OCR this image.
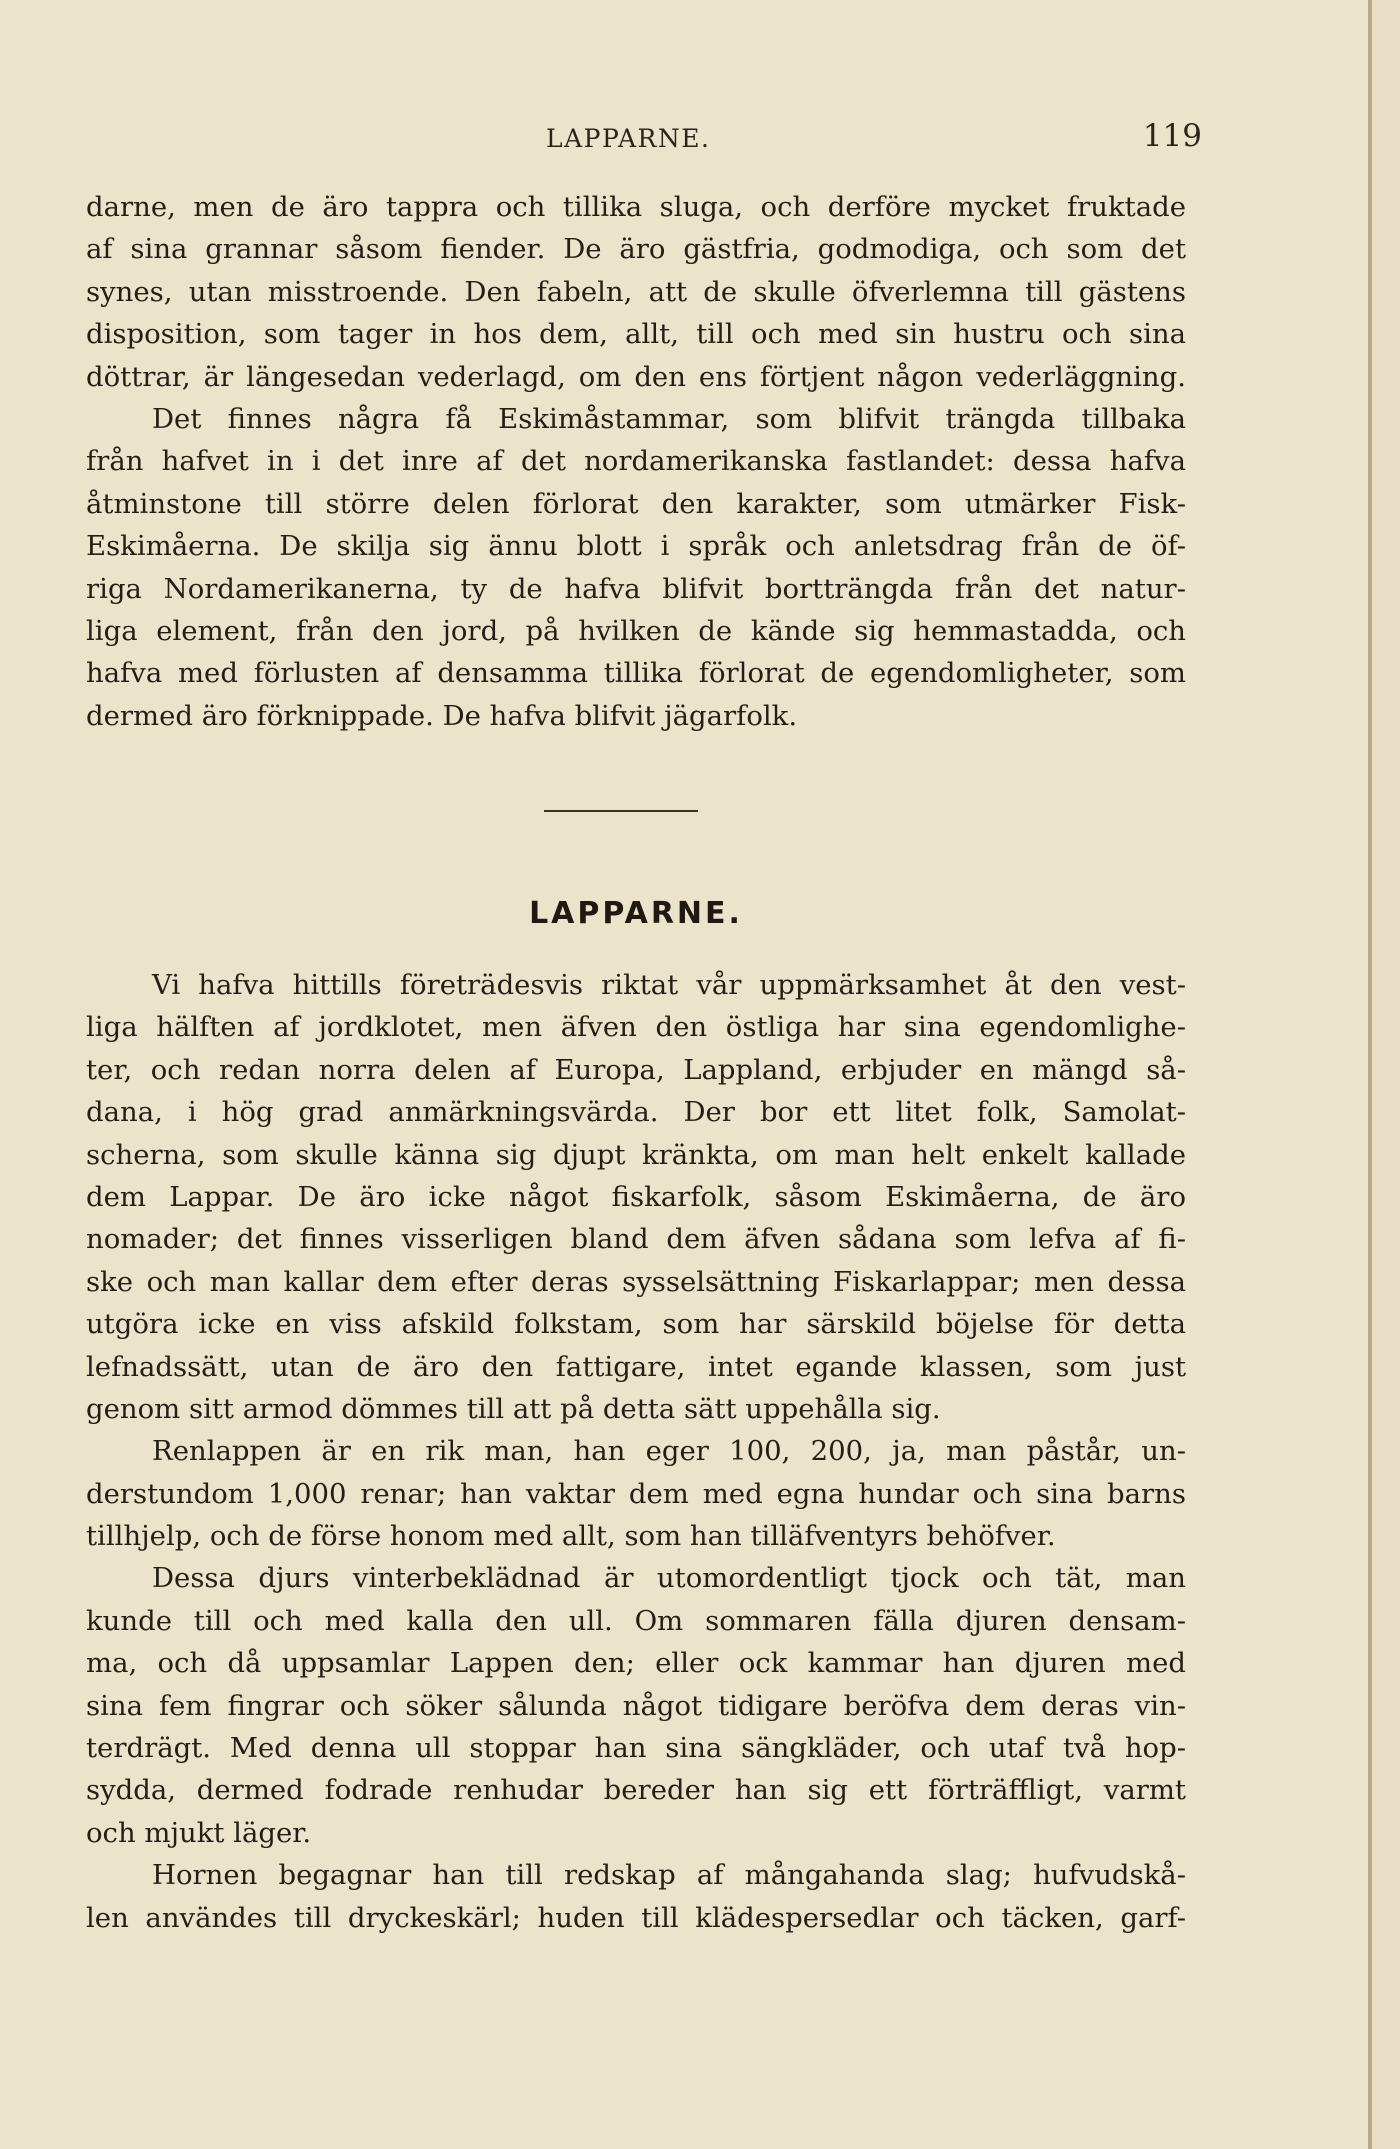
LAPPARNE.	119
darne, men de äro tappra och tillika sluga, och derföre mycket fruktade
af sina grannar såsom fiender. De äro gästfria, godmodiga, och som det
synes, utan misstroende. Den fabeln, att de skulle öfverlemna till gästens
disposition, som tager in hos dem, allt, till och med sin hustru och sina
döttrar, är längesedan vederlagd, om den ens förtjent någon vederläggning.
Det finnes några få Eskimåstammar, som blifvit trängda tillbaka
från hafvet in i det inre af det nordamerikanska fastlandet: dessa hafva
åtminstone till större delen förlorat den karakter, som utmärker Fisk-
Eskimåerna. De skilja sig ännu blott i språk och anletsdrag från de öf-
riga Nordamerikanerna, ty de hafva blifvit bortträngda från det natur-
liga element, från den jord, på hvilken de kände sig hemmastadda, och
hafva med förlusten af densamma tillika förlorat de egendomligheter, som
dermed äro förknippade. De hafva blifvit jägarfolk.
LAPPARNE.
Vi hafva hittills företrädesvis riktat vår uppmärksamhet åt den vest-
liga hälften af jordklotet, men äfven den östliga har sina egendomlighe-
ter, och redan norra delen af Europa, Lappland, erbjuder en mängd så-
dana, i hög grad anmärkningsvärda. Der bor ett litet folk, Samolat-
scherna, som skulle känna sig djupt kränkta, om man helt enkelt kallade
dem Lappar. De äro icke något fiskarfolk, såsom Eskimåerna, de äro
nomader; det finnes visserligen bland dem äfven sådana som lefva af fi-
ske och man kallar dem efter deras sysselsättning Fiskarlappar; men dessa
utgöra icke en viss afskild folkstam, som har särskild böjelse för detta
lefnadssätt, utan de äro den fattigare, intet egande klassen, som just
genom sitt armod dömmes till att på detta sätt uppehålla sig.
Renlappen är en rik man, han eger 100, 200, ja, man påstår, un-
derstundom 1,000 renar; han vaktar dem med egna hundar och sina barns
tillhjelp, och de förse honom med allt, som han tilläfventyrs behöfver.
Dessa djurs vinterbeklädnad är utomordentligt tjock och tät, man
kunde till och med kalla den ull. Om sommaren fälla djuren densam-
ma, och då uppsamlar Lappen den; eller ock kammar han djuren med
sina fem fingrar och söker sålunda något tidigare beröfva dem deras vin-
terdrägt. Med denna ull stoppar han sina sängkläder, och utaf två hop-
sydda, dermed fodrade renhudar bereder han sig ett förträffligt, varmt
och mjukt läger.
Hornen begagnar han till redskap af mångahanda slag; hufvudskå-
len användes till dryckeskärl; huden till klädespersedlar och täcken, garf-
